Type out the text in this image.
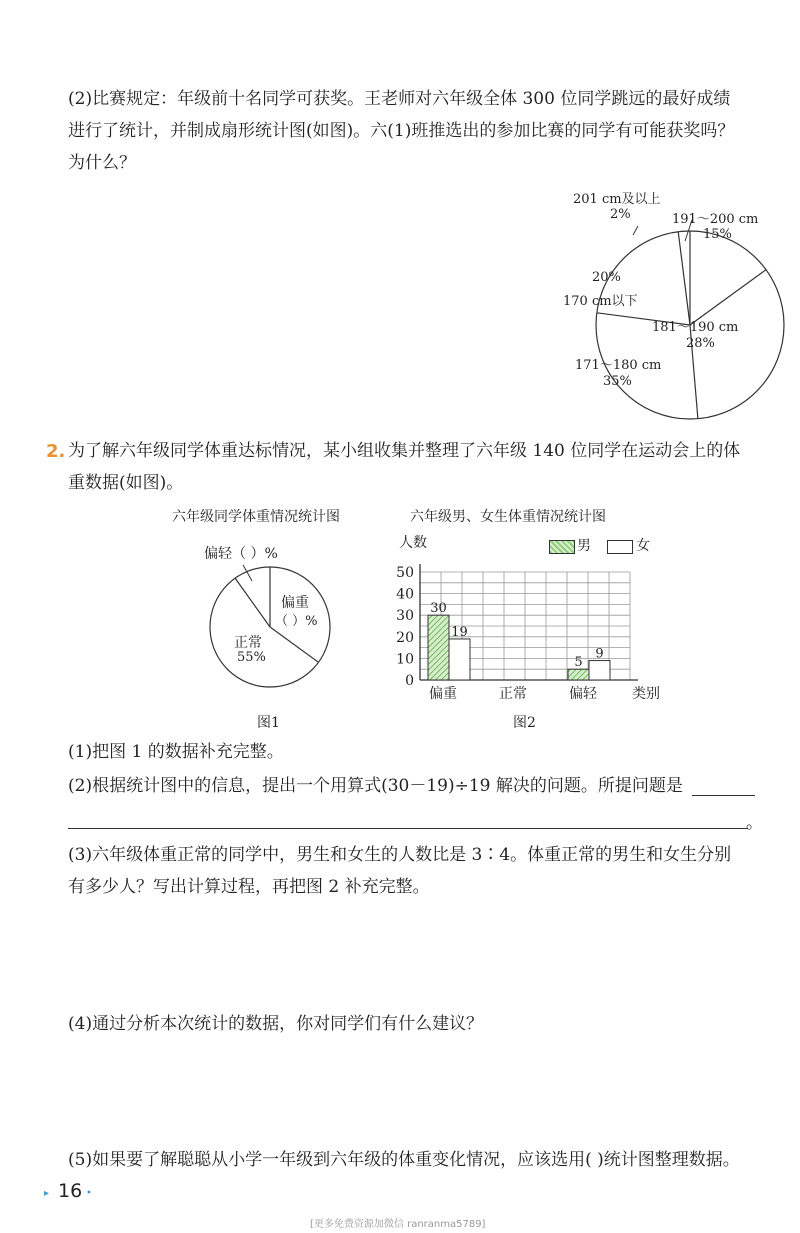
(2)比赛规定：年级前十名同学可获奖。王老师对六年级全体 300 位同学跳远的最好成绩
进行了统计，并制成扇形统计图(如图)。六(1)班推选出的参加比赛的同学有可能获奖吗？
为什么？
201 cm及以上
2%	191～200 cm
15%
20%
170 cm以下
181～190 cm
28%
171～180 cm
35%
2. 为了解六年级同学体重达标情况，某小组收集并整理了六年级 140 位同学在运动会上的体
重数据(如图)。
六年级同学体重情况统计图
偏轻（ ）%
偏重
（ ）%
正常
55%
图1
六年级男、女生体重情况统计图
人数	男	女
0
10
20
30
40
50
偏重
30
19
正常	偏轻
5
9
类别
图2
(1)把图 1 的数据补充完整。
(2)根据统计图中的信息，提出一个用算式(30－19)÷19 解决的问题。所提问题是
。
(3)六年级体重正常的同学中，男生和女生的人数比是 3∶4。体重正常的男生和女生分别
有多少人？写出计算过程，再把图 2 补充完整。
(4)通过分析本次统计的数据，你对同学们有什么建议？
(5)如果要了解聪聪从小学一年级到六年级的体重变化情况，应该选用( )统计图整理数据。
▸ 16 •
[更多免费资源加微信 ranranma5789]
